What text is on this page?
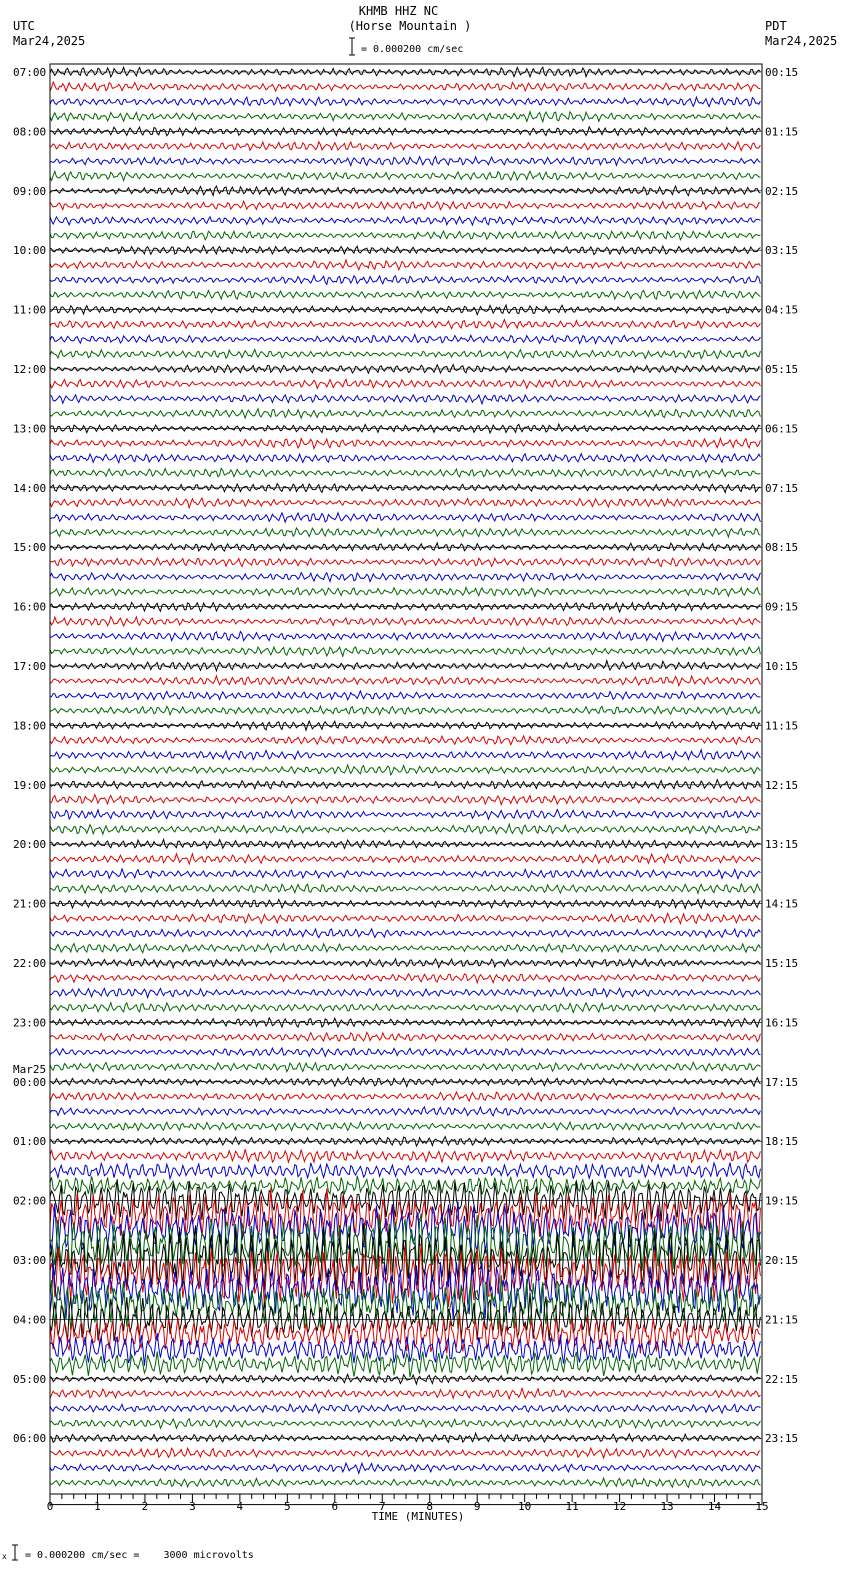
KHMB HHZ NC
(Horse Mountain )
UTC
Mar24,2025
PDT
Mar24,2025
= 0.000200 cm/sec
= 0.000200 cm/sec =    3000 microvolts
x
0	1	2	3	4	5	6	7	8	9	10	11	12	13	14	15
TIME (MINUTES)
07:00
08:00
09:00
10:00
11:00
12:00
13:00
14:00
15:00
16:00
17:00
18:00
19:00
20:00
21:00
22:00
23:00
00:00
Mar25
01:00
02:00
03:00
04:00
05:00
06:00
00:15
01:15
02:15
03:15
04:15
05:15
06:15
07:15
08:15
09:15
10:15
11:15
12:15
13:15
14:15
15:15
16:15
17:15
18:15
19:15
20:15
21:15
22:15
23:15
